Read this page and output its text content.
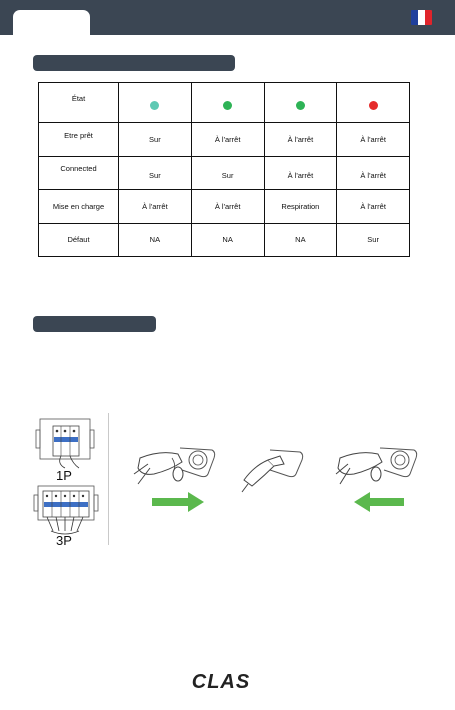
État				
Etre prêt	Sur	À l'arrêt	À l'arrêt	À l'arrêt
Connected	Sur	Sur	À l'arrêt	À l'arrêt
Mise en charge	À l'arrêt	À l'arrêt	Respiration	À l'arrêt
Défaut	NA	NA	NA	Sur
1P
3P
CLAS
